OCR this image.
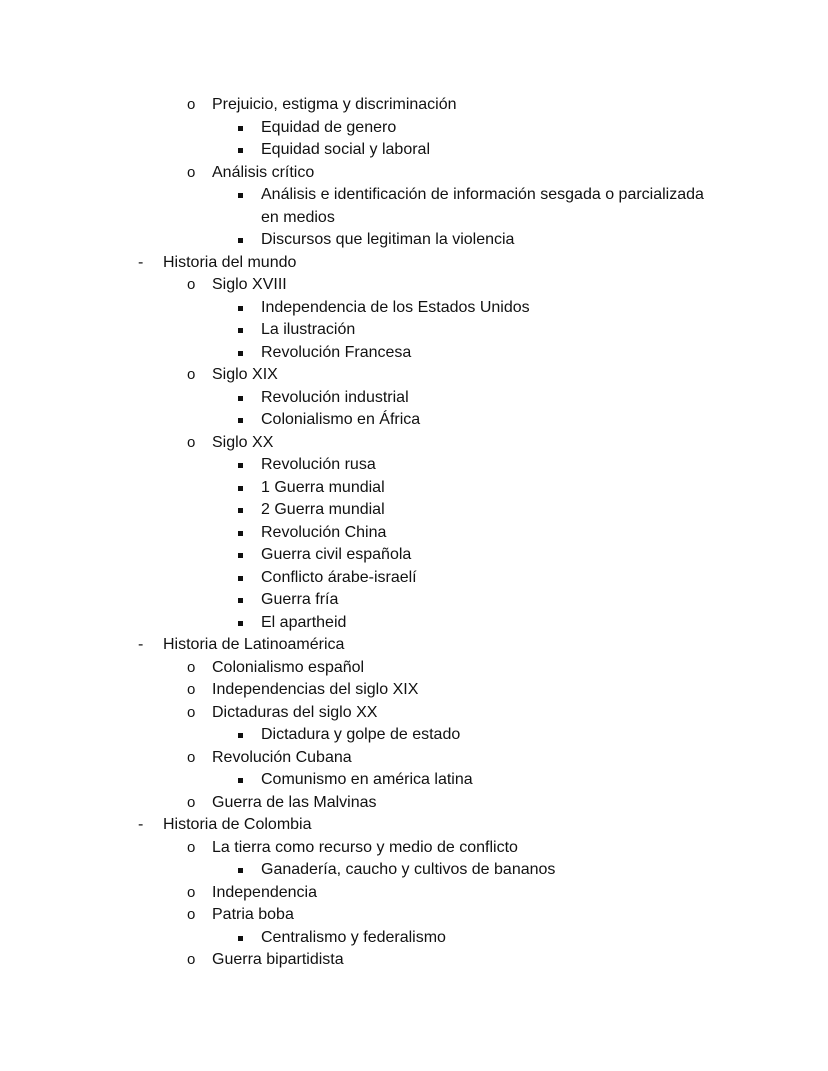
o Prejuicio, estigma y discriminación
Equidad de genero
Equidad social y laboral
o Análisis crítico
Análisis e identificación de información sesgada o parcializada
en medios
Discursos que legitiman la violencia
- Historia del mundo
o Siglo XVIII
Independencia de los Estados Unidos
La ilustración
Revolución Francesa
o Siglo XIX
Revolución industrial
Colonialismo en África
o Siglo XX
Revolución rusa
1 Guerra mundial
2 Guerra mundial
Revolución China
Guerra civil española
Conflicto árabe-israelí
Guerra fría
El apartheid
- Historia de Latinoamérica
o Colonialismo español
o Independencias del siglo XIX
o Dictaduras del siglo XX
Dictadura y golpe de estado
o Revolución Cubana
Comunismo en américa latina
o Guerra de las Malvinas
- Historia de Colombia
o La tierra como recurso y medio de conflicto
Ganadería, caucho y cultivos de bananos
o Independencia
o Patria boba
Centralismo y federalismo
o Guerra bipartidista
